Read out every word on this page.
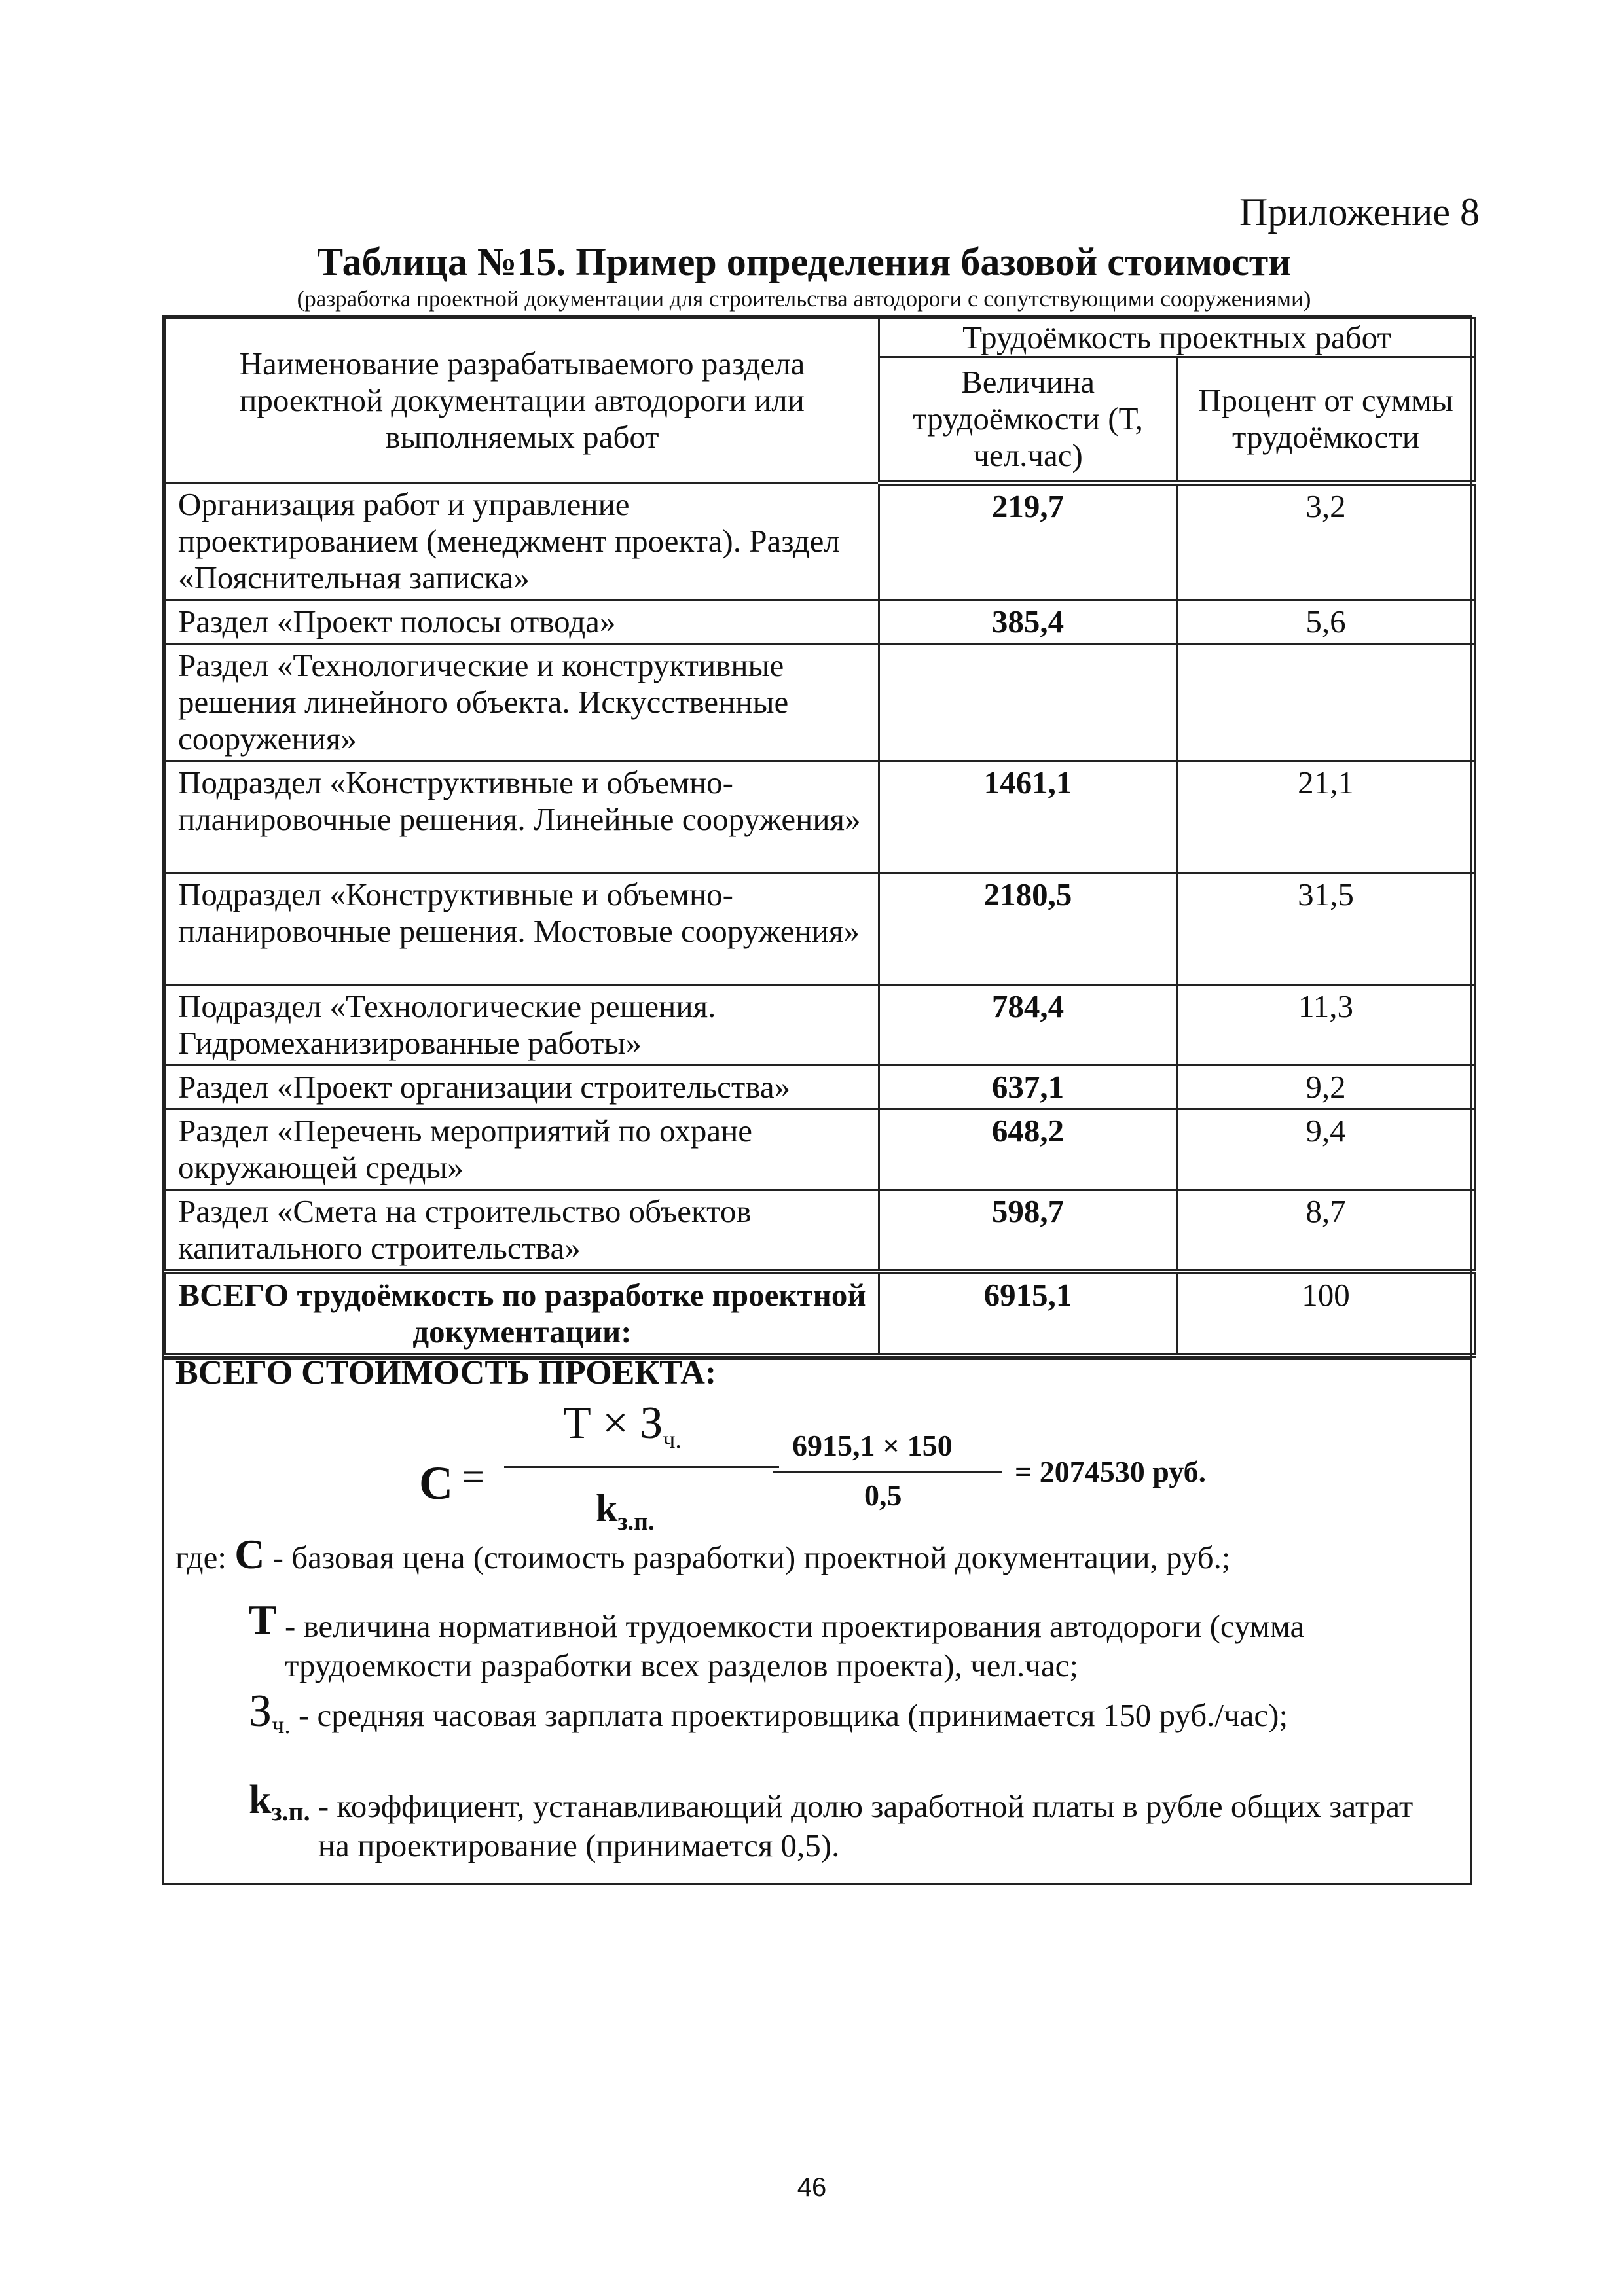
Приложение 8
Таблица №15. Пример определения базовой стоимости
(разработка проектной документации для строительства автодороги с сопутствующими сооружениями)
Наименование разрабатываемого раздела проектной документации автодороги или выполняемых работ	Трудоёмкость проектных работ	
	Величина трудоёмкости (Т, чел.час)	Процент от суммы трудоёмкости
Организация работ и управление проектированием (менеджмент проекта). Раздел «Пояснительная записка»	219,7	3,2
Раздел «Проект полосы отвода»	385,4	5,6
Раздел «Технологические и конструктивные решения линейного объекта. Искусственные сооружения»		
Подраздел «Конструктивные и объемно-планировочные решения. Линейные сооружения»	1461,1	21,1
Подраздел «Конструктивные и объемно-планировочные решения. Мостовые сооружения»	2180,5	31,5
Подраздел «Технологические решения. Гидромеханизированные работы»	784,4	11,3
Раздел «Проект организации строительства»	637,1	9,2
Раздел «Перечень мероприятий по охране окружающей среды»	648,2	9,4
Раздел «Смета на строительство объектов капитального строительства»	598,7	8,7
ВСЕГО трудоёмкость по разработке проектной документации:	6915,1	100
ВСЕГО СТОИМОСТЬ ПРОЕКТА:
С =
$Т \times З_{ч.}$
$k_{з.п.}$
6915,1 × 150
0,5
= 2074530 руб.
где: С - базовая цена (стоимость разработки) проектной документации, руб.;
Т - величина нормативной трудоемкости проектирования автодороги (сумма трудоемкости разработки всех разделов проекта), чел.час;
$З_{ч.}$ - средняя часовая зарплата проектировщика (принимается 150 руб./час);
$k_{з.п.}$ - коэффициент, устанавливающий долю заработной платы в рубле общих затрат на проектирование (принимается 0,5).
46
